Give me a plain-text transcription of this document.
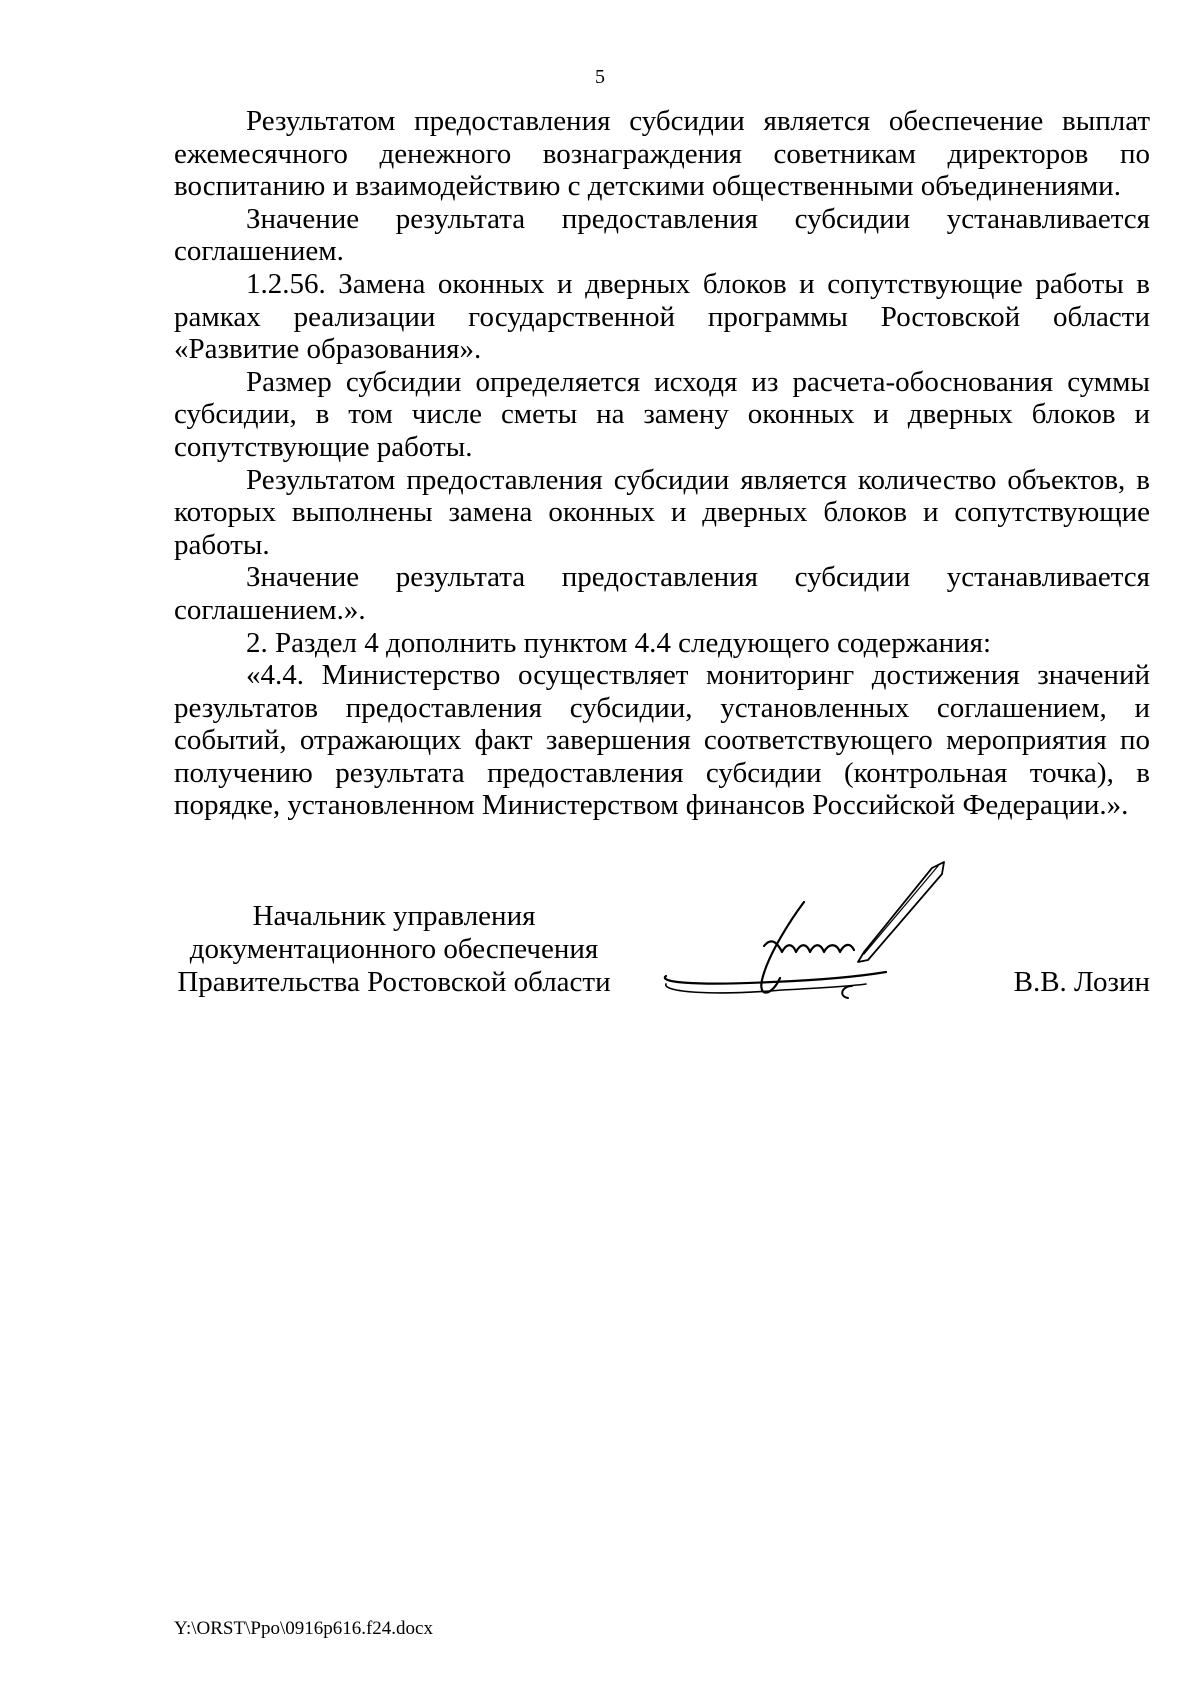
5

Результатом предоставления субсидии является обеспечение выплат ежемесячного денежного вознаграждения советникам директоров по воспитанию и взаимодействию с детскими общественными объединениями.

Значение результата предоставления субсидии устанавливается соглашением.

1.2.56. Замена оконных и дверных блоков и сопутствующие работы в рамках реализации государственной программы Ростовской области «Развитие образования».

Размер субсидии определяется исходя из расчета-обоснования суммы субсидии, в том числе сметы на замену оконных и дверных блоков и сопутствующие работы.

Результатом предоставления субсидии является количество объектов, в которых выполнены замена оконных и дверных блоков и сопутствующие работы.

Значение результата предоставления субсидии устанавливается соглашением.».

2. Раздел 4 дополнить пунктом 4.4 следующего содержания:

«4.4. Министерство осуществляет мониторинг достижения значений результатов предоставления субсидии, установленных соглашением, и событий, отражающих факт завершения соответствующего мероприятия по получению результата предоставления субсидии (контрольная точка), в порядке, установленном Министерством финансов Российской Федерации.».

Начальник управления
документационного обеспечения
Правительства Ростовской области	В.В. Лозин
Y:\ORST\Ppo\0916p616.f24.docx
